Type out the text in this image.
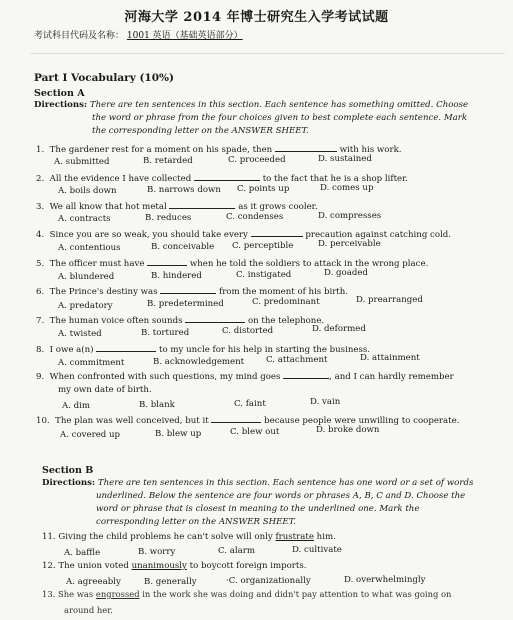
河海大学 2014 年博士研究生入学考试试题
考试科目代码及名称： 1001 英语（基础英语部分）
Part I Vocabulary (10%)
Section A
Directions: There are ten sentences in this section. Each sentence has something omitted. Choose
the word or phrase from the four choices given to best complete each sentence. Mark
the corresponding letter on the ANSWER SHEET.
1. The gardener rest for a moment on his spade, then	with his work.
A. submitted	B. retarded	C. proceeded	D. sustained
2. All the evidence I have collected	to the fact that he is a shop lifter.
A. boils down	B. narrows down C. points up	D. comes up
3. We all know that hot metal	as it grows cooler.
A. contracts	B. reduces	C. condenses	D. compresses
4. Since you are so weak, you should take every	precaution against catching cold.
A. contentious	B. conceivable C. perceptible	D. perceivable
5. The officer must have	when he told the soldiers to attack in the wrong place.
A. blundered	B. hindered	C. instigated	D. goaded
6. The Prince's destiny was	from the moment of his birth.
A. predatory	B. predetermined	C. predominant	D. prearranged
7. The human voice often sounds	on the telephone.
A. twisted	B. tortured	C. distorted	D. deformed
8. I owe a(n)	to my uncle for his help in starting the business.
A. commitment	B. acknowledgement	C. attachment	D. attainment
9. When confronted with such questions, my mind goes	, and I can hardly remember
my own date of birth.
A. dim	B. blank	C. faint	D. vain
10. The plan was well conceived, but it	because people were unwilling to cooperate.
A. covered up	B. blew up	C. blew out	D. broke down
Section B
Directions: There are ten sentences in this section. Each sentence has one word or a set of words
underlined. Below the sentence are four words or phrases A, B, C and D. Choose the
word or phrase that is closest in meaning to the underlined one. Mark the
corresponding letter on the ANSWER SHEET.
11. Giving the child problems he can't solve will only frustrate him.
A. baffle	B. worry	C. alarm	D. cultivate
12. The union voted unanimously to boycott foreign imports.
A. agreeably	B. generally	·C. organizationally	D. overwhelmingly
13. She was engrossed in the work she was doing and didn't pay attention to what was going on
around her.
